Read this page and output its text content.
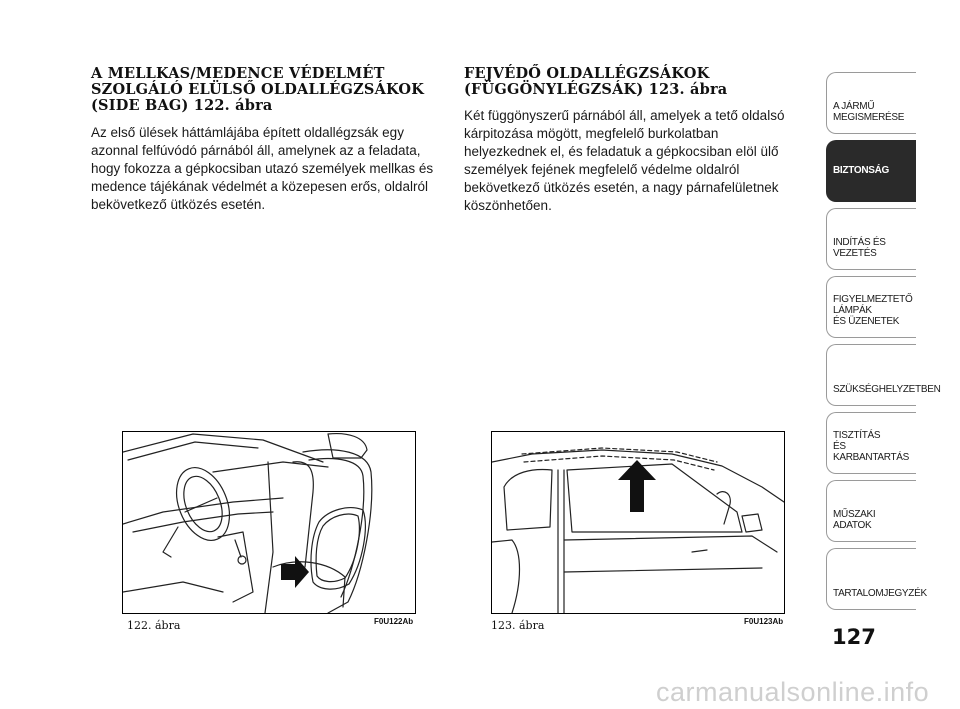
A MELLKAS/MEDENCE VÉDELMÉT
SZOLGÁLÓ ELÜLSŐ OLDALLÉGZSÁKOK
(SIDE BAG) 122. ábra

Az első ülések háttámlájába épített oldallégzsák egy
azonnal felfúvódó párnából áll, amelynek az a feladata,
hogy fokozza a gépkocsiban utazó személyek mellkas és
medence tájékának védelmét a közepesen erős, oldalról
bekövetkező ütközés esetén.

FEJVÉDŐ OLDALLÉGZSÁKOK
(FÜGGÖNYLÉGZSÁK) 123. ábra

Két függönyszerű párnából áll, amelyek a tető oldalsó
kárpitozása mögött, megfelelő burkolatban
helyezkednek el, és feladatuk a gépkocsiban elöl ülő
személyek fejének megfelelő védelme oldalról
bekövetkező ütközés esetén, a nagy párnafelületnek
köszönhetően.

122. ábra	F0U122Ab	123. ábra	F0U123Ab
A JÁRMŰ
MEGISMERÉSE
BIZTONSÁG
INDÍTÁS ÉS VEZETÉS
FIGYELMEZTETŐ
LÁMPÁK
ÉS ÜZENETEK
SZÜKSÉGHELYZETBEN
TISZTÍTÁS
ÉS KARBANTARTÁS
MŰSZAKI ADATOK
TARTALOMJEGYZÉK
127
carmanualsonline.info
